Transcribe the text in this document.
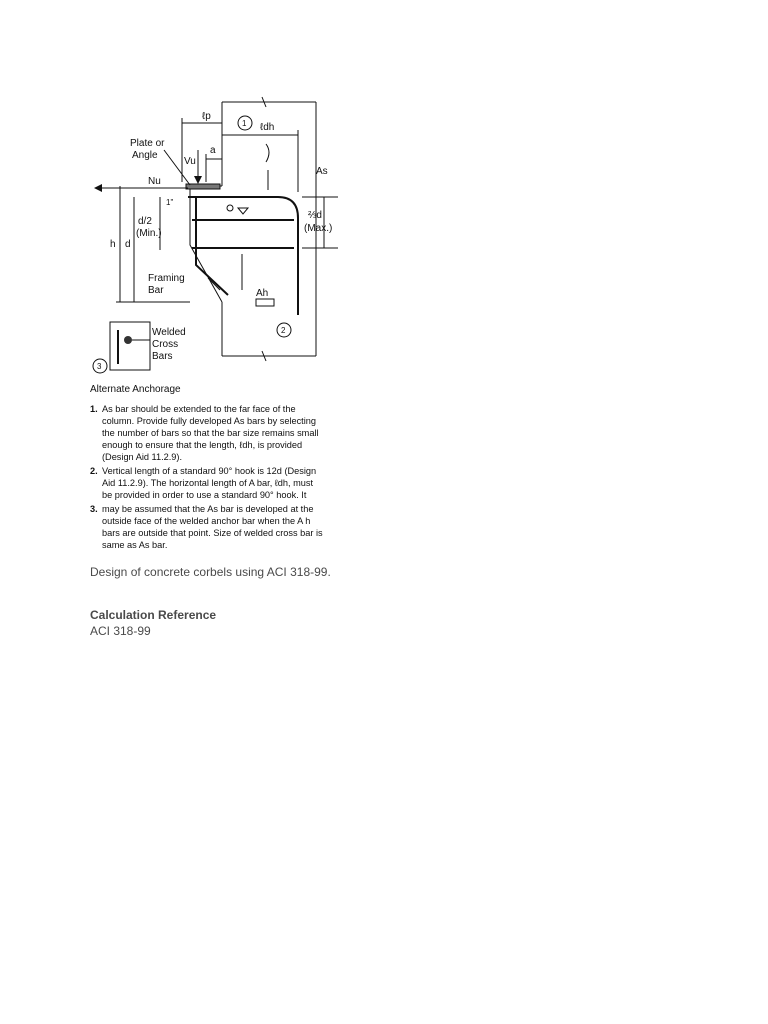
ℓp
1 ℓdh
Plate or
Angle	a
Vu
Nu
As
1"
d/2
(Min.)
h d
⅔d
(Max.)
Framing
Bar	Ah
2
3
Welded
Cross
Bars
Alternate Anchorage
1. As bar should be extended to the far face of the
column. Provide fully developed As bars by selecting
the number of bars so that the bar size remains small
enough to ensure that the length, ℓdh, is provided
(Design Aid 11.2.9).
2. Vertical length of a standard 90° hook is 12d (Design
Aid 11.2.9). The horizontal length of A bar, ℓdh, must
be provided in order to use a standard 90° hook. It
3. may be assumed that the As bar is developed at the
outside face of the welded anchor bar when the A h
bars are outside that point. Size of welded cross bar is
same as As bar.
Design of concrete corbels using ACI 318-99.
Calculation Reference
ACI 318-99
